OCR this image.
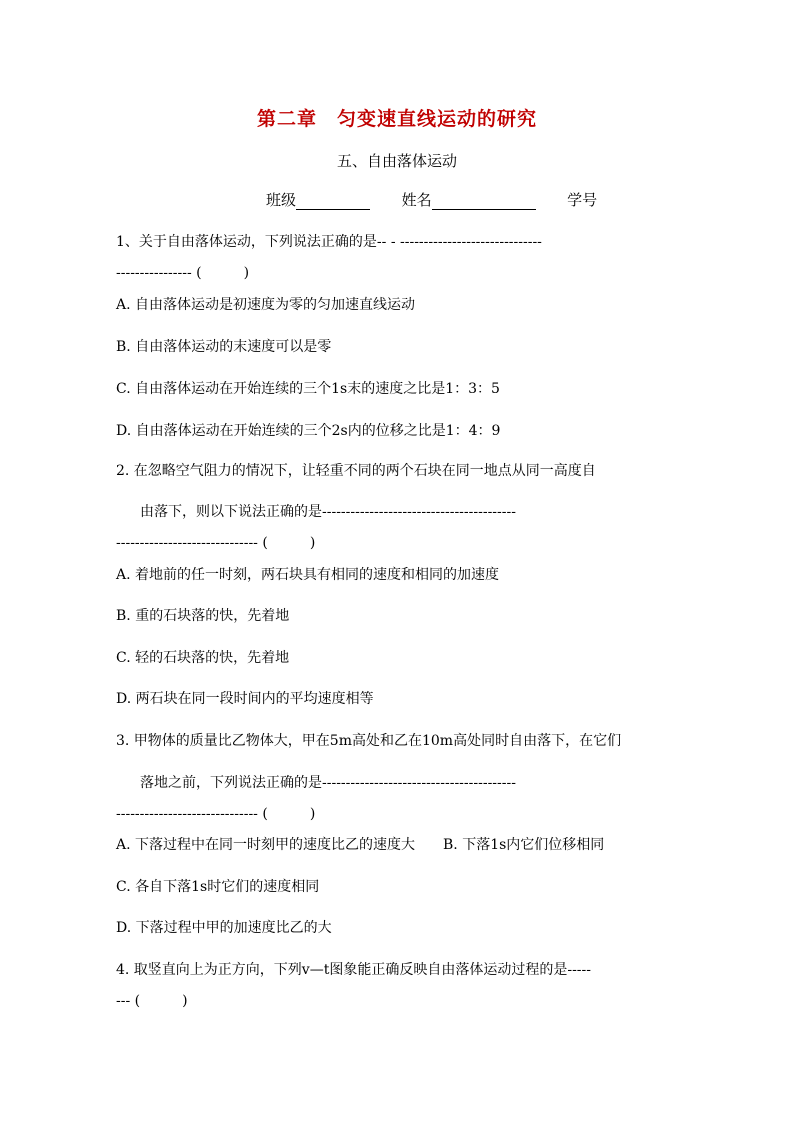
第二章　匀变速直线运动的研究
五、自由落体运动
班级	姓名	学号
1、关于自由落体运动，下列说法正确的是-- - ------------------------------
---------------- (　　　)
A. 自由落体运动是初速度为零的匀加速直线运动
B. 自由落体运动的末速度可以是零
C. 自由落体运动在开始连续的三个1s末的速度之比是1：3：5
D. 自由落体运动在开始连续的三个2s内的位移之比是1：4：9
2. 在忽略空气阻力的情况下，让轻重不同的两个石块在同一地点从同一高度自
由落下，则以下说法正确的是-----------------------------------------
------------------------------ (　　　)
A. 着地前的任一时刻，两石块具有相同的速度和相同的加速度
B. 重的石块落的快，先着地
C. 轻的石块落的快，先着地
D. 两石块在同一段时间内的平均速度相等
3. 甲物体的质量比乙物体大，甲在5m高处和乙在10m高处同时自由落下，在它们
落地之前，下列说法正确的是-----------------------------------------
------------------------------ (　　　)
A. 下落过程中在同一时刻甲的速度比乙的速度大　　B. 下落1s内它们位移相同
C. 各自下落1s时它们的速度相同
D. 下落过程中甲的加速度比乙的大
4. 取竖直向上为正方向，下列v—t图象能正确反映自由落体运动过程的是-----
--- (　　　)
